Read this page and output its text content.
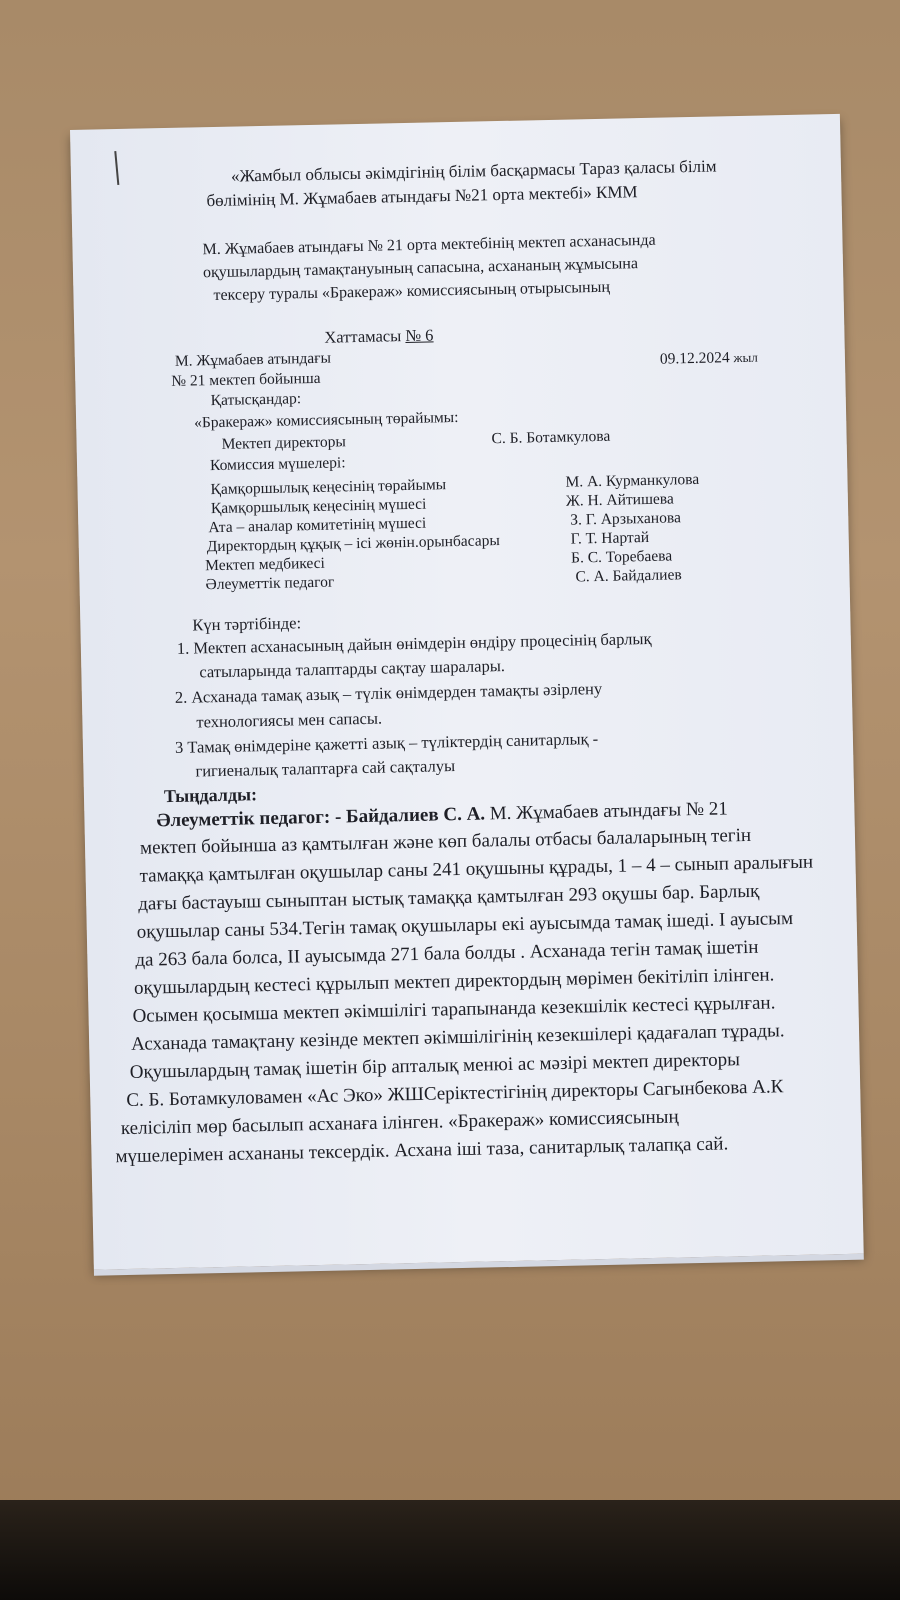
«Жамбыл облысы әкімдігінің білім басқармасы Тараз қаласы білім
бөлімінің М. Жұмабаев атындағы №21 орта мектебі» КММ
М. Жұмабаев атындағы № 21 орта мектебінің мектеп асханасында
оқушылардың тамақтануының сапасына, асхананың жұмысына
тексеру туралы «Бракераж» комиссиясының отырысының
Хаттамасы № 6
М. Жұмабаев атындағы
№ 21 мектеп бойынша
09.12.2024 жыл
Қатысқандар:
«Бракераж» комиссиясының төрайымы:
Мектеп директоры	С. Б. Ботамкулова
Комиссия мүшелері:
Қамқоршылық кеңесінің төрайымы	М. А. Курманкулова
Қамқоршылық кеңесінің мүшесі	Ж. Н. Айтишева
Ата – аналар комитетінің мүшесі	З. Г. Арзыханова
Директордың құқық – ісі жөнін.орынбасары	Г. Т. Нартай
Мектеп медбикесі	Б. С. Торебаева
Әлеуметтік педагог	С. А. Байдалиев
Күн тәртібінде:
1. Мектеп асханасының дайын өнімдерін өндіру процесінің барлық
сатыларында талаптарды сақтау шаралары.
2. Асханада тамақ азық – түлік өнімдерден тамақты әзірлену
технологиясы мен сапасы.
3 Тамақ өнімдеріне қажетті азық – түліктердің санитарлық -
гигиеналық талаптарға сай сақталуы
Тыңдалды:
Әлеуметтік педагог: - Байдалиев С. А. М. Жұмабаев атындағы № 21
мектеп бойынша аз қамтылған және көп балалы отбасы балаларының тегін
тамаққа қамтылған оқушылар саны 241 оқушыны құрады, 1 – 4 – сынып аралығын
дағы бастауыш сыныптан ыстық тамаққа қамтылған 293 оқушы бар. Барлық
оқушылар саны 534.Тегін тамақ оқушылары екі ауысымда тамақ ішеді. I ауысым
да 263 бала болса, II ауысымда 271 бала болды . Асханада тегін тамақ ішетін
оқушылардың кестесі құрылып мектеп директордың мөрімен бекітіліп ілінген.
Осымен қосымша мектеп әкімшілігі тарапынанда кезекшілік кестесі құрылған.
Асханада тамақтану кезінде мектеп әкімшілігінің кезекшілері қадағалап тұрады.
Оқушылардың тамақ ішетін бір апталық менюі ас мәзірі мектеп директоры
С. Б. Ботамкуловамен «Ас Эко» ЖШСеріктестігінің директоры Сагынбекова А.К
келісіліп мөр басылып асханаға ілінген. «Бракераж» комиссиясының
мүшелерімен асхананы тексердік. Асхана іші таза, санитарлық талапқа сай.
